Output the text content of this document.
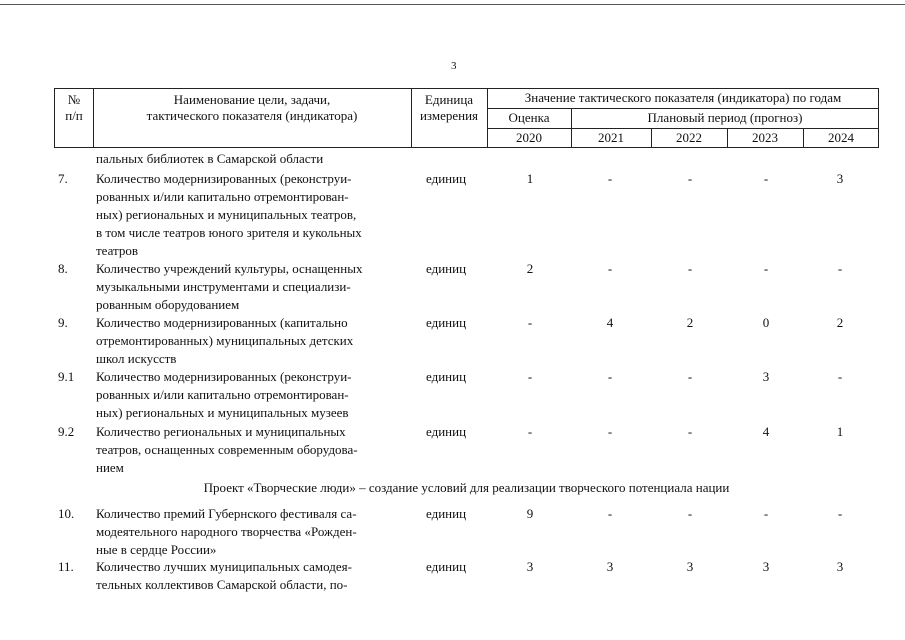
3
№
п/п
Наименование цели, задачи,
тактического показателя (индикатора)
Единица
измерения
Значение тактического показателя (индикатора) по годам
Оценка	Плановый период (прогноз)
2020	2021	2022	2023	2024
пальных библиотек в Самарской области
7. Количество модернизированных (реконструи-
рованных и/или капитально отремонтирован-
ных) региональных и муниципальных театров,
в том числе театров юного зрителя и кукольных
театров
единиц	1	-	-	-	3
8. Количество учреждений культуры, оснащенных
музыкальными инструментами и специализи-
рованным оборудованием
единиц	2	-	-	-	-
9. Количество модернизированных (капитально
отремонтированных) муниципальных детских
школ искусств
единиц	-	4	2	0	2
9.1 Количество модернизированных (реконструи-
рованных и/или капитально отремонтирован-
ных) региональных и муниципальных музеев
единиц	-	-	-	3	-
9.2 Количество региональных и муниципальных
театров, оснащенных современным оборудова-
нием
единиц	-	-	-	4	1
Проект «Творческие люди» – создание условий для реализации творческого потенциала нации
10. Количество премий Губернского фестиваля са-
модеятельного народного творчества «Рожден-
ные в сердце России»
единиц	9	-	-	-	-
11. Количество лучших муниципальных самодея-
тельных коллективов Самарской области, по-
единиц	3	3	3	3	3
